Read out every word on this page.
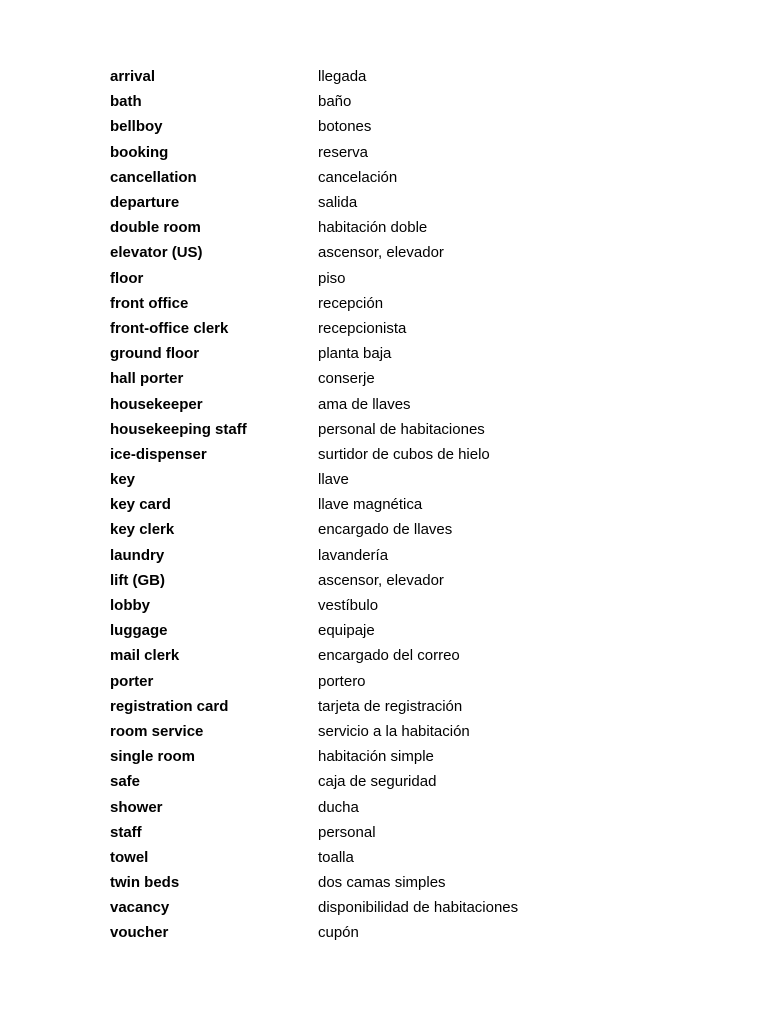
arrival	llegada
bath	baño
bellboy	botones
booking	reserva
cancellation	cancelación
departure	salida
double room	habitación doble
elevator (US)	ascensor, elevador
floor	piso
front office	recepción
front-office clerk	recepcionista
ground floor	planta baja
hall porter	conserje
housekeeper	ama de llaves
housekeeping staff	personal de habitaciones
ice-dispenser	surtidor de cubos de hielo
key	llave
key card	llave magnética
key clerk	encargado de llaves
laundry	lavandería
lift (GB)	ascensor, elevador
lobby	vestíbulo
luggage	equipaje
mail clerk	encargado del correo
porter	portero
registration card	tarjeta de registración
room service	servicio a la habitación
single room	habitación simple
safe	caja de seguridad
shower	ducha
staff	personal
towel	toalla
twin beds	dos camas simples
vacancy	disponibilidad de habitaciones
voucher	cupón
